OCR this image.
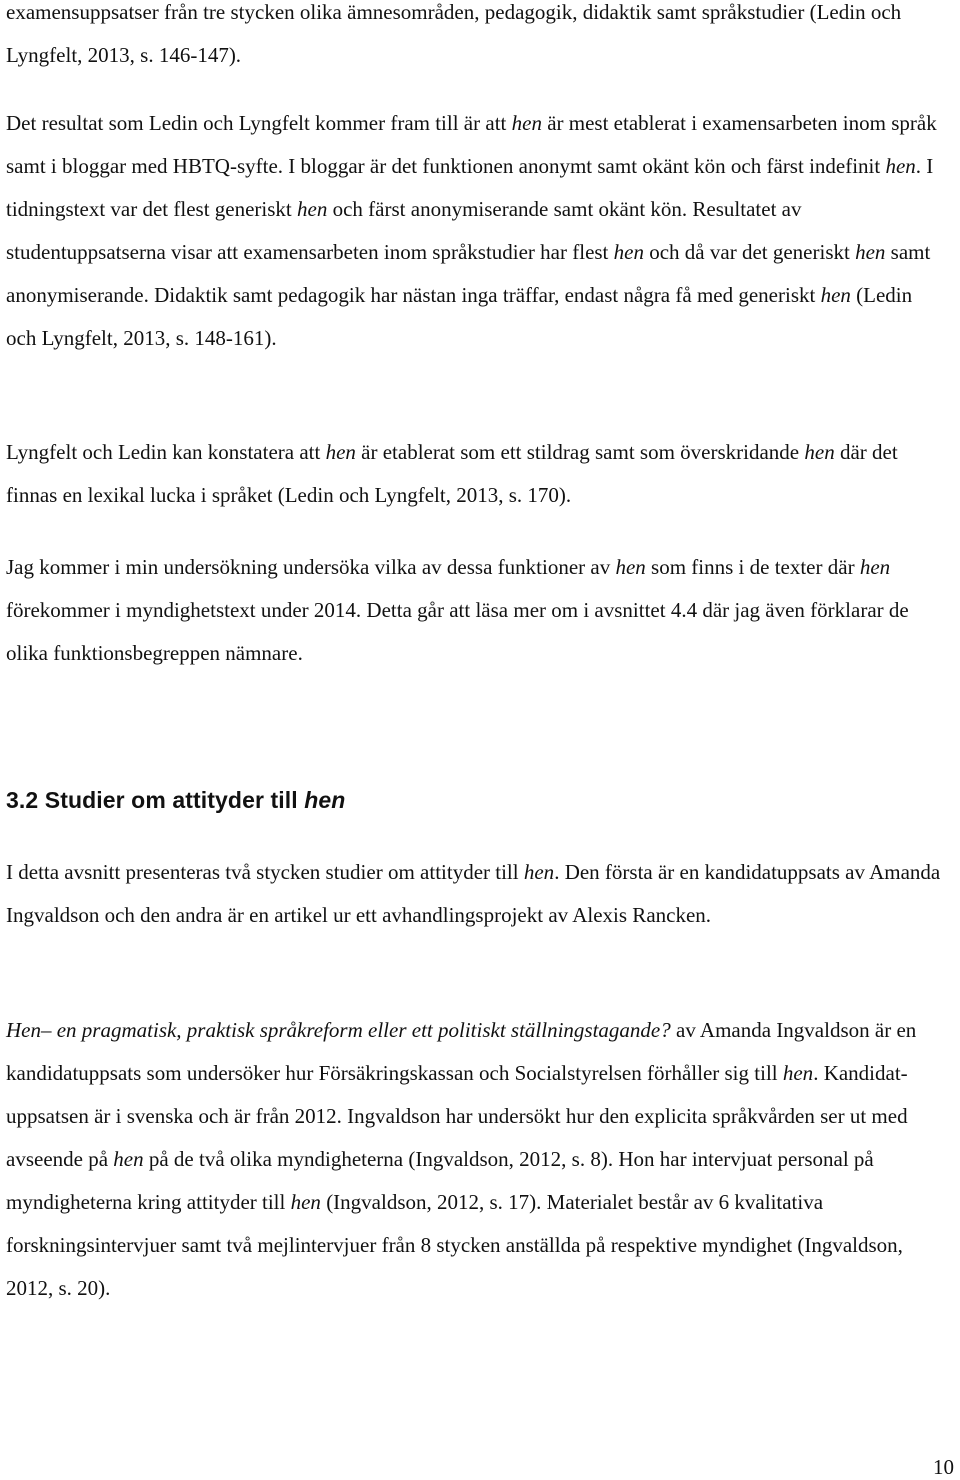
examensuppsatser från tre stycken olika ämnesområden, pedagogik, didaktik samt språkstudier (Ledin och Lyngfelt, 2013, s. 146-147).

Det resultat som Ledin och Lyngfelt kommer fram till är att hen är mest etablerat i examensarbeten inom språk samt i bloggar med HBTQ-syfte. I bloggar är det funktionen anonymt samt okänt kön och färst indefinit hen. I tidningstext var det flest generiskt hen och färst anonymiserande samt okänt kön. Resultatet av studentuppsatserna visar att examensarbeten inom språkstudier har flest hen och då var det generiskt hen samt anonymiserande. Didaktik samt pedagogik har nästan inga träffar, endast några få med generiskt hen (Ledin och Lyngfelt, 2013, s. 148-161).

Lyngfelt och Ledin kan konstatera att hen är etablerat som ett stildrag samt som överskridande hen där det finnas en lexikal lucka i språket (Ledin och Lyngfelt, 2013, s. 170).

Jag kommer i min undersökning undersöka vilka av dessa funktioner av hen som finns i de texter där hen förekommer i myndighetstext under 2014. Detta går att läsa mer om i avsnittet 4.4 där jag även förklarar de olika funktionsbegreppen nämnare.

3.2 Studier om attityder till hen

I detta avsnitt presenteras två stycken studier om attityder till hen. Den första är en kandidatuppsats av Amanda Ingvaldson och den andra är en artikel ur ett avhandlingsprojekt av Alexis Rancken.

Hen– en pragmatisk, praktisk språkreform eller ett politiskt ställningstagande? av Amanda Ingvaldson är en kandidatuppsats som undersöker hur Försäkringskassan och Socialstyrelsen förhåller sig till hen. Kandidat-uppsatsen är i svenska och är från 2012. Ingvaldson har undersökt hur den explicita språkvården ser ut med avseende på hen på de två olika myndigheterna (Ingvaldson, 2012, s. 8). Hon har intervjuat personal på myndigheterna kring attityder till hen (Ingvaldson, 2012, s. 17). Materialet består av 6 kvalitativa forskningsintervjuer samt två mejlintervjuer från 8 stycken anställda på respektive myndighet (Ingvaldson, 2012, s. 20).

10
